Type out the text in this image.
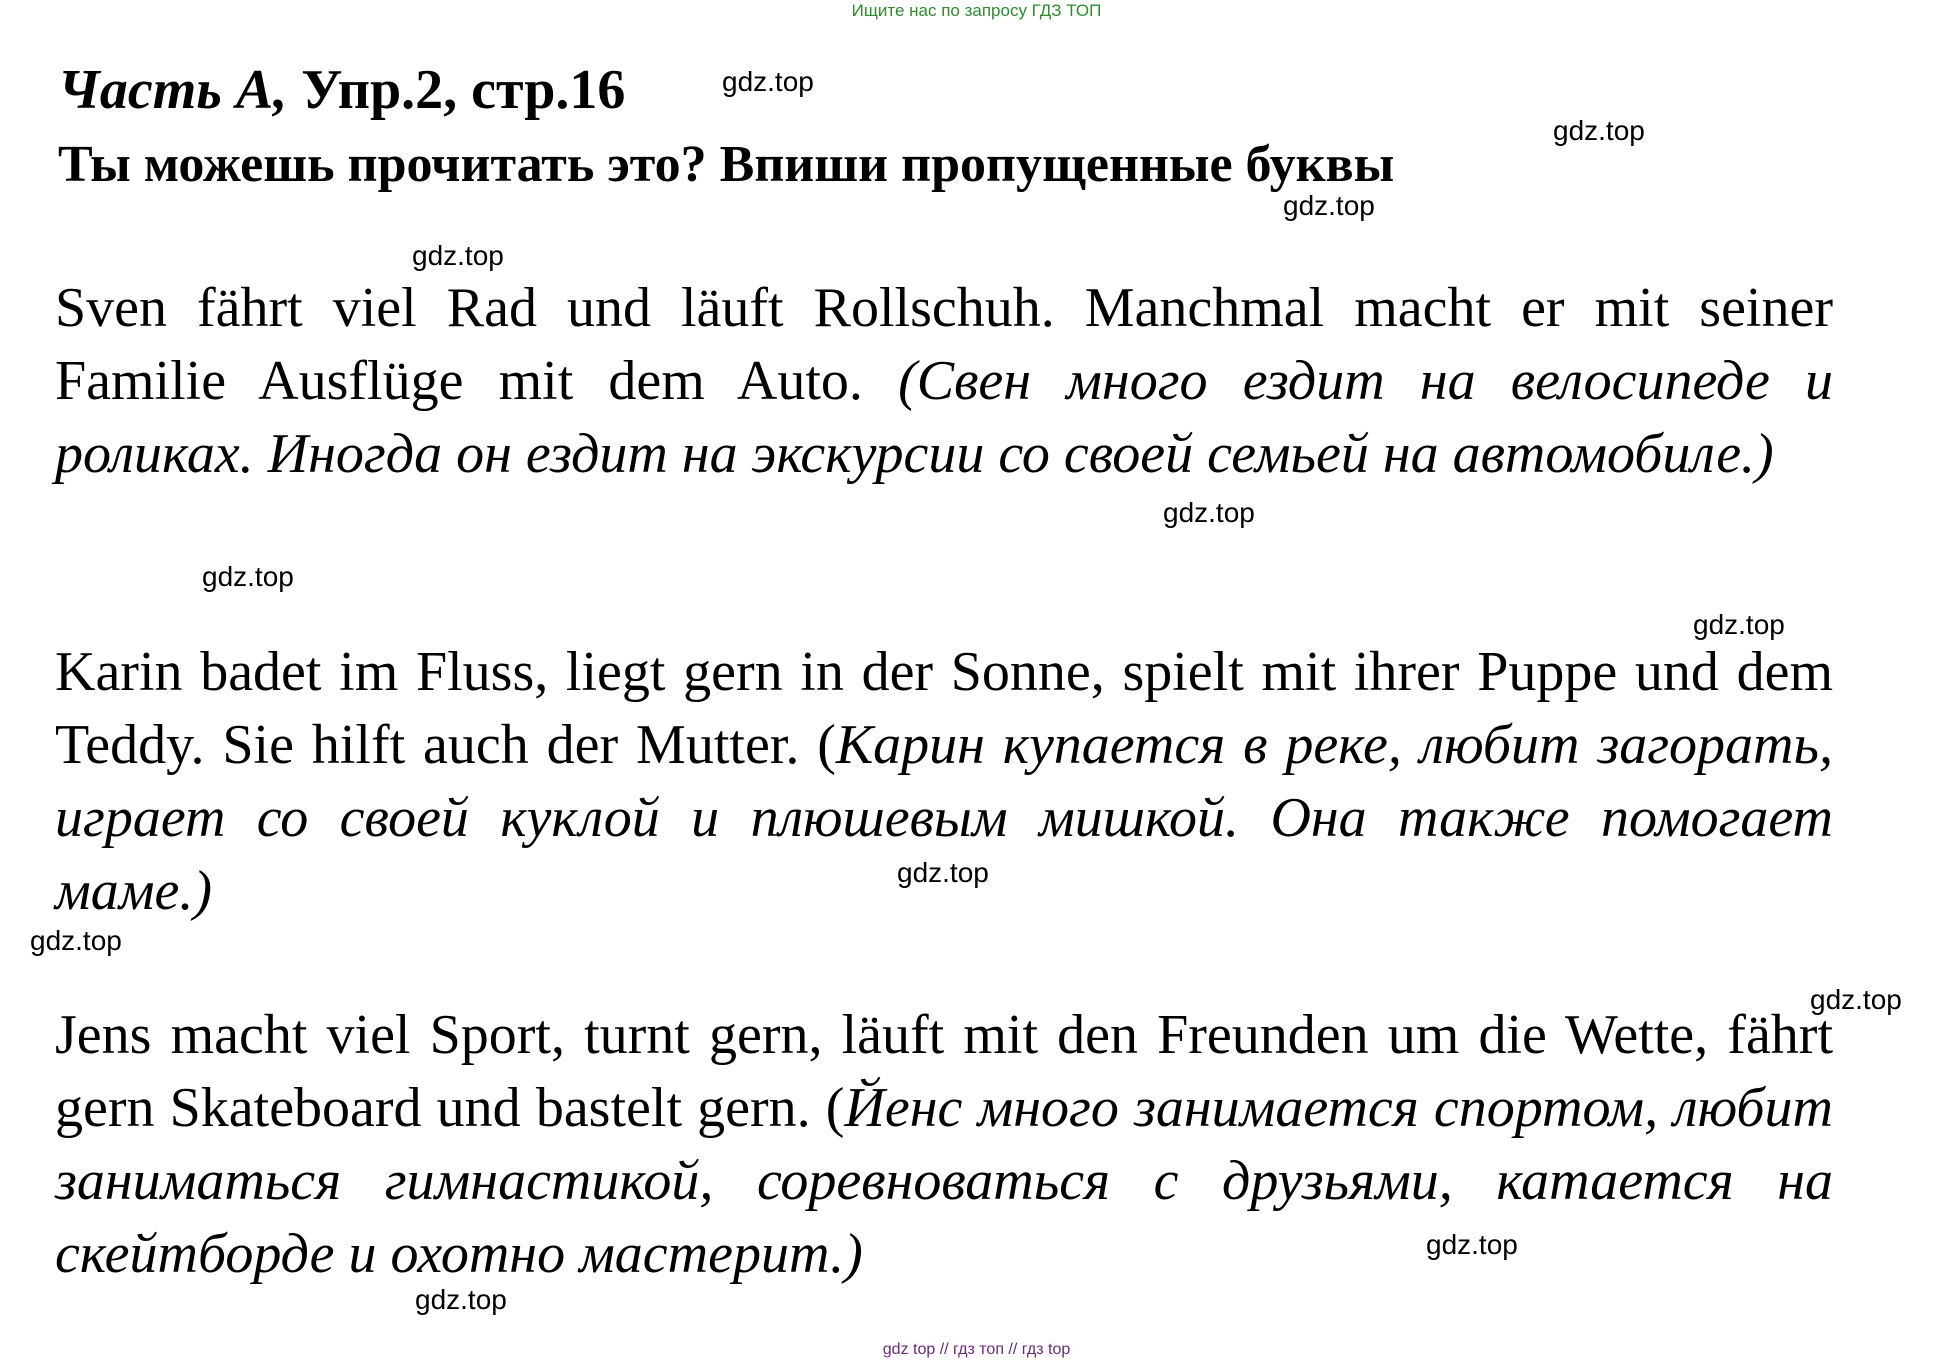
Ищите нас по запросу ГДЗ ТОП
Часть А, Упр.2, стр.16
Ты можешь прочитать это? Впиши пропущенные буквы
Sven fährt viel Rad und läuft Rollschuh. Manchmal macht er mit seiner Familie Ausflüge mit dem Auto. (Свен много ездит на велосипеде и роликах. Иногда он ездит на экскурсии со своей семьей на автомобиле.)
Karin badet im Fluss, liegt gern in der Sonne, spielt mit ihrer Puppe und dem Teddy. Sie hilft auch der Mutter. (Карин купается в реке, любит загорать, играет со своей куклой и плюшевым мишкой. Она также помогает маме.)
Jens macht viel Sport, turnt gern, läuft mit den Freunden um die Wette, fährt gern Skateboard und bastelt gern. (Йенс много занимается спортом, любит заниматься гимнастикой, соревноваться с друзьями, катается на скейтборде и охотно мастерит.)
gdz.top
gdz.top
gdz.top
gdz.top
gdz.top
gdz.top
gdz.top
gdz.top
gdz.top
gdz.top
gdz.top
gdz.top
gdz top // гдз топ // гдз top
